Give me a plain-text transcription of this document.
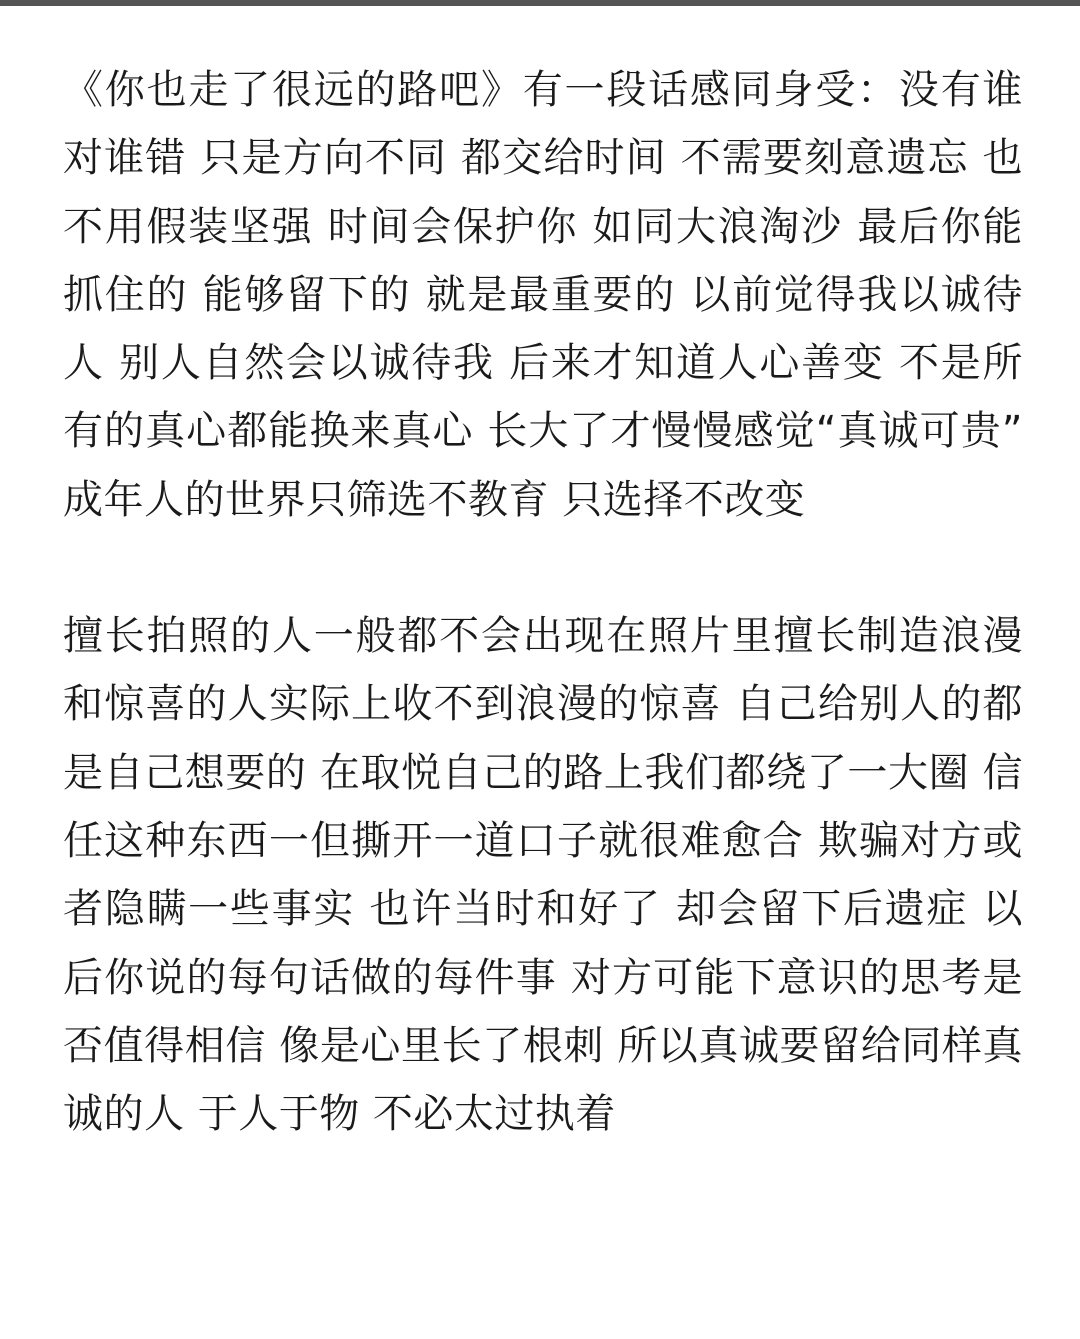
《你也走了很远的路吧》有一段话感同身受：没有谁对谁错 只是方向不同 都交给时间 不需要刻意遗忘 也不用假装坚强 时间会保护你 如同大浪淘沙 最后你能抓住的 能够留下的 就是最重要的 以前觉得我以诚待人 别人自然会以诚待我 后来才知道人心善变 不是所有的真心都能换来真心 长大了才慢慢感觉“真诚可贵” 成年人的世界只筛选不教育 只选择不改变

擅长拍照的人一般都不会出现在照片里擅长制造浪漫和惊喜的人实际上收不到浪漫的惊喜 自己给别人的都是自己想要的 在取悦自己的路上我们都绕了一大圈 信任这种东西一但撕开一道口子就很难愈合 欺骗对方或者隐瞒一些事实 也许当时和好了 却会留下后遗症 以后你说的每句话做的每件事 对方可能下意识的思考是否值得相信 像是心里长了根刺 所以真诚要留给同样真诚的人 于人于物 不必太过执着
